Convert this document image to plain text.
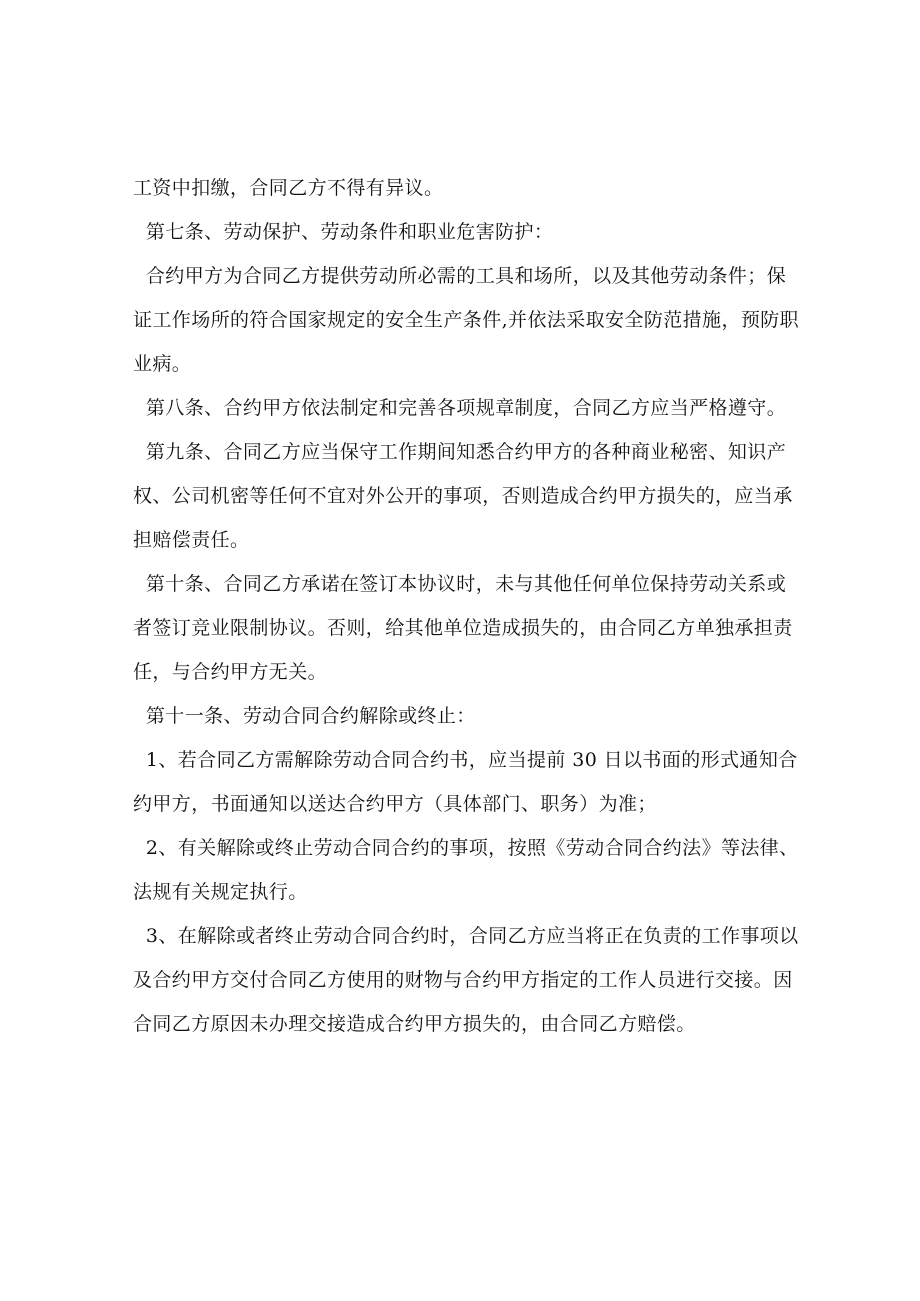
工资中扣缴，合同乙方不得有异议。

第七条、劳动保护、劳动条件和职业危害防护：

合约甲方为合同乙方提供劳动所必需的工具和场所，以及其他劳动条件；保证工作场所的符合国家规定的安全生产条件,并依法采取安全防范措施，预防职业病。

第八条、合约甲方依法制定和完善各项规章制度，合同乙方应当严格遵守。

第九条、合同乙方应当保守工作期间知悉合约甲方的各种商业秘密、知识产权、公司机密等任何不宜对外公开的事项，否则造成合约甲方损失的，应当承担赔偿责任。

第十条、合同乙方承诺在签订本协议时，未与其他任何单位保持劳动关系或者签订竞业限制协议。否则，给其他单位造成损失的，由合同乙方单独承担责任，与合约甲方无关。

第十一条、劳动合同合约解除或终止：

1、若合同乙方需解除劳动合同合约书，应当提前 30 日以书面的形式通知合约甲方，书面通知以送达合约甲方（具体部门、职务）为准；

2、有关解除或终止劳动合同合约的事项，按照《劳动合同合约法》等法律、法规有关规定执行。

3、在解除或者终止劳动合同合约时，合同乙方应当将正在负责的工作事项以及合约甲方交付合同乙方使用的财物与合约甲方指定的工作人员进行交接。因合同乙方原因未办理交接造成合约甲方损失的，由合同乙方赔偿。
